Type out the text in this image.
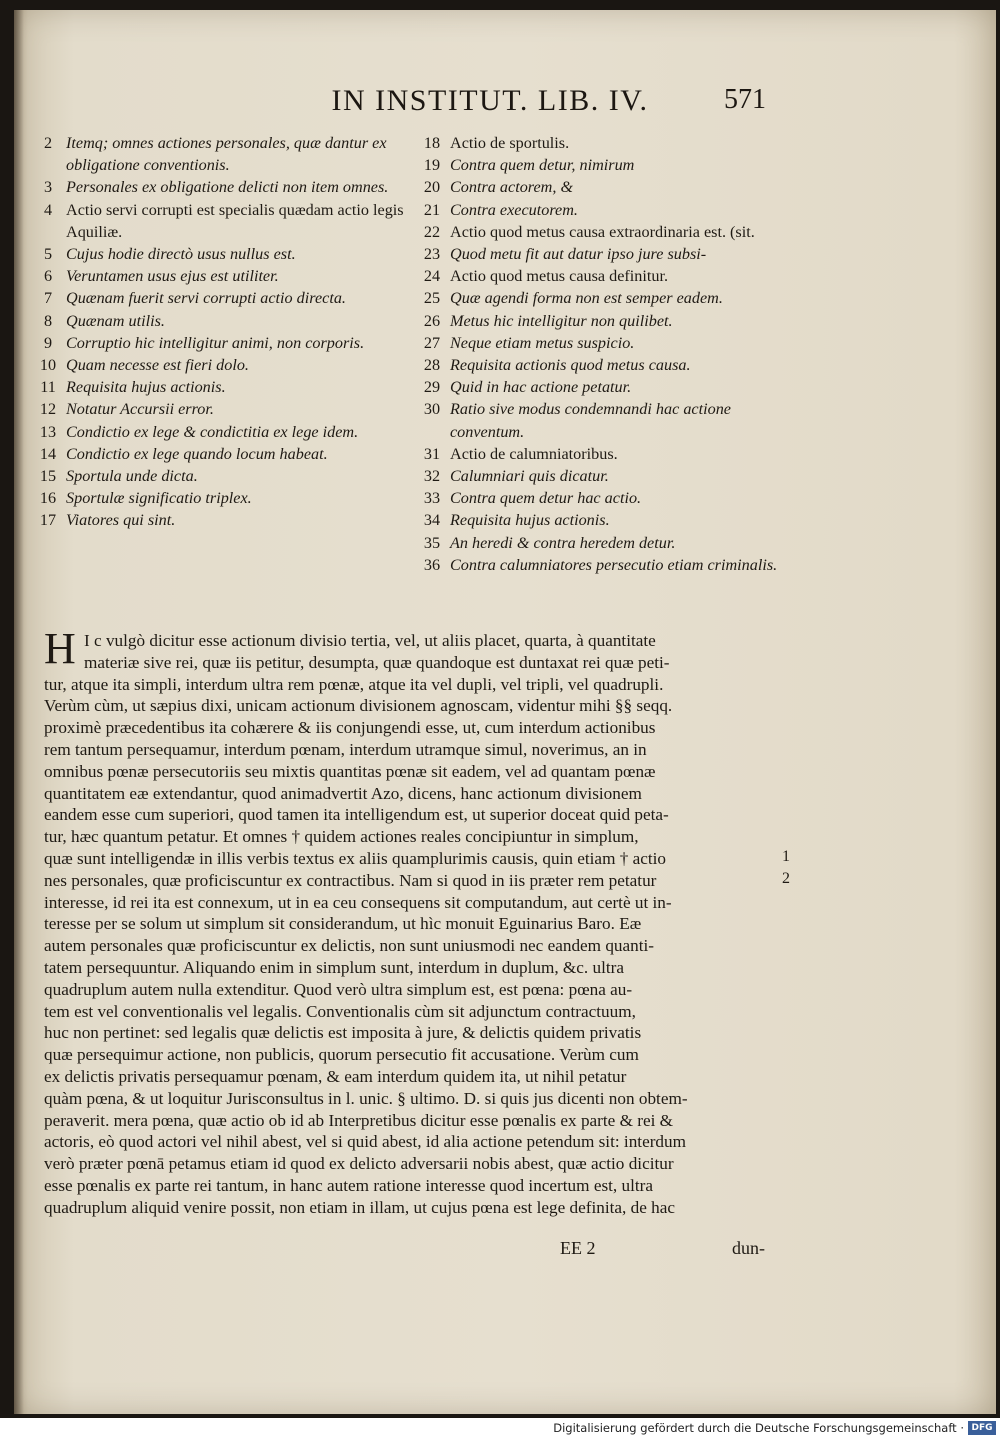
IN INSTITUT. LIB. IV.	571
2 Itemq; omnes actiones personales, quæ dantur ex obligatione conventionis.
3 Personales ex obligatione delicti non item omnes.
4 Actio servi corrupti est specialis quædam actio legis Aquiliæ.
5 Cujus hodie directò usus nullus est.
6 Veruntamen usus ejus est utiliter.
7 Quænam fuerit servi corrupti actio directa.
8 Quænam utilis.
9 Corruptio hic intelligitur animi, non corporis.
10 Quam necesse est fieri dolo.
11 Requisita hujus actionis.
12 Notatur Accursii error.
13 Condictio ex lege & condictitia ex lege idem.
14 Condictio ex lege quando locum habeat.
15 Sportula unde dicta.
16 Sportulæ significatio triplex.
17 Viatores qui sint.
18 Actio de sportulis.
19 Contra quem detur, nimirum
20 Contra actorem, &
21 Contra executorem.
22 Actio quod metus causa extraordinaria est. (sit.
23 Quod metu fit aut datur ipso jure subsi-
24 Actio quod metus causa definitur.
25 Quæ agendi forma non est semper eadem.
26 Metus hic intelligitur non quilibet.
27 Neque etiam metus suspicio.
28 Requisita actionis quod metus causa.
29 Quid in hac actione petatur.
30 Ratio sive modus condemnandi hac actione conventum.
31 Actio de calumniatoribus.
32 Calumniari quis dicatur.
33 Contra quem detur hac actio.
34 Requisita hujus actionis.
35 An heredi & contra heredem detur.
36 Contra calumniatores persecutio etiam criminalis.
H I c vulgò dicitur esse actionum divisio tertia, vel, ut aliis placet, quarta, à quantitate
materiæ sive rei, quæ iis petitur, desumpta, quæ quandoque est duntaxat rei quæ peti-
tur, atque ita simpli, interdum ultra rem pœnæ, atque ita vel dupli, vel tripli, vel quadrupli.
Verùm cùm, ut sæpius dixi, unicam actionum divisionem agnoscam, videntur mihi §§ seqq.
proximè præcedentibus ita cohærere & iis conjungendi esse, ut, cum interdum actionibus
rem tantum persequamur, interdum pœnam, interdum utramque simul, noverimus, an in
omnibus pœnæ persecutoriis seu mixtis quantitas pœnæ sit eadem, vel ad quantam pœnæ
quantitatem eæ extendantur, quod animadvertit Azo, dicens, hanc actionum divisionem
eandem esse cum superiori, quod tamen ita intelligendum est, ut superior doceat quid peta-
tur, hæc quantum petatur. Et omnes † quidem actiones reales concipiuntur in simplum,
quæ sunt intelligendæ in illis verbis textus ex aliis quamplurimis causis, quin etiam † actio
nes personales, quæ proficiscuntur ex contractibus. Nam si quod in iis præter rem petatur
interesse, id rei ita est connexum, ut in ea ceu consequens sit computandum, aut certè ut in-
teresse per se solum ut simplum sit considerandum, ut hìc monuit Eguinarius Baro. Eæ
autem personales quæ proficiscuntur ex delictis, non sunt uniusmodi nec eandem quanti-
tatem persequuntur. Aliquando enim in simplum sunt, interdum in duplum, &c. ultra
quadruplum autem nulla extenditur. Quod verò ultra simplum est, est pœna: pœna au-
tem est vel conventionalis vel legalis. Conventionalis cùm sit adjunctum contractuum,
huc non pertinet: sed legalis quæ delictis est imposita à jure, & delictis quidem privatis
quæ persequimur actione, non publicis, quorum persecutio fit accusatione. Verùm cum
ex delictis privatis persequamur pœnam, & eam interdum quidem ita, ut nihil petatur
quàm pœna, & ut loquitur Jurisconsultus in l. unic. § ultimo. D. si quis jus dicenti non obtem-
peraverit. mera pœna, quæ actio ob id ab Interpretibus dicitur esse pœnalis ex parte & rei &
actoris, eò quod actori vel nihil abest, vel si quid abest, id alia actione petendum sit: interdum
verò præter pœnā petamus etiam id quod ex delicto adversarii nobis abest, quæ actio dicitur
esse pœnalis ex parte rei tantum, in hanc autem ratione interesse quod incertum est, ultra
quadruplum aliquid venire possit, non etiam in illam, ut cujus pœna est lege definita, de hac
1
2
EE 2	dun-
Digitalisierung gefördert durch die Deutsche Forschungsgemeinschaft · DFG
